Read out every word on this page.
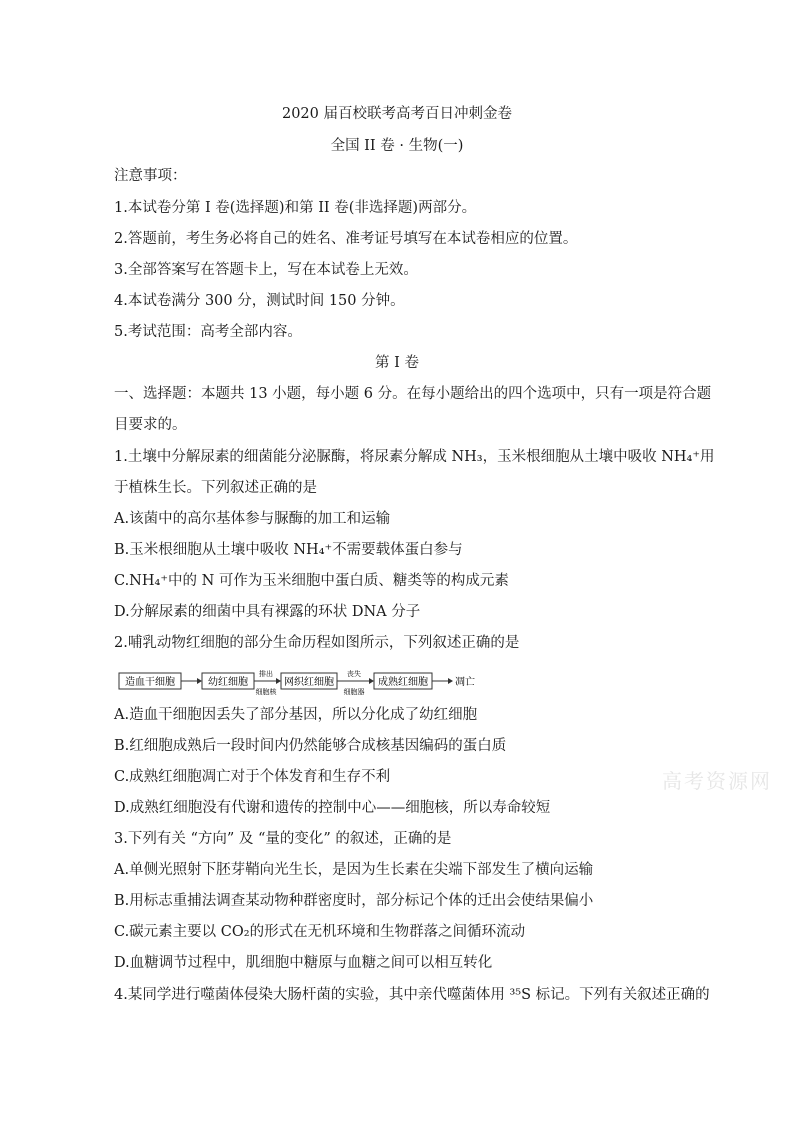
2020 届百校联考高考百日冲刺金卷
全国 II 卷 · 生物(一)
注意事项：
1.本试卷分第 I 卷(选择题)和第 II 卷(非选择题)两部分。
2.答题前，考生务必将自己的姓名、准考证号填写在本试卷相应的位置。
3.全部答案写在答题卡上，写在本试卷上无效。
4.本试卷满分 300 分，测试时间 150 分钟。
5.考试范围：高考全部内容。
第 I 卷
一、选择题：本题共 13 小题，每小题 6 分。在每小题给出的四个选项中，只有一项是符合题
目要求的。
1.土壤中分解尿素的细菌能分泌脲酶，将尿素分解成 NH₃，玉米根细胞从土壤中吸收 NH₄⁺用
于植株生长。下列叙述正确的是
A.该菌中的高尔基体参与脲酶的加工和运输
B.玉米根细胞从土壤中吸收 NH₄⁺不需要载体蛋白参与
C.NH₄⁺中的 N 可作为玉米细胞中蛋白质、糖类等的构成元素
D.分解尿素的细菌中具有裸露的环状 DNA 分子
2.哺乳动物红细胞的部分生命历程如图所示，下列叙述正确的是
造血干细胞	幼红细胞
排出
细胞核
网织红细胞
丧失
细胞器
成熟红细胞	凋亡
A.造血干细胞因丢失了部分基因，所以分化成了幼红细胞
B.红细胞成熟后一段时间内仍然能够合成核基因编码的蛋白质
C.成熟红细胞凋亡对于个体发育和生存不利
D.成熟红细胞没有代谢和遗传的控制中心——细胞核，所以寿命较短
3.下列有关 “方向” 及 “量的变化” 的叙述，正确的是
A.单侧光照射下胚芽鞘向光生长，是因为生长素在尖端下部发生了横向运输
B.用标志重捕法调查某动物种群密度时，部分标记个体的迁出会使结果偏小
C.碳元素主要以 CO₂的形式在无机环境和生物群落之间循环流动
D.血糖调节过程中，肌细胞中糖原与血糖之间可以相互转化
4.某同学进行噬菌体侵染大肠杆菌的实验，其中亲代噬菌体用 ³⁵S 标记。下列有关叙述正确的
高考资源网
